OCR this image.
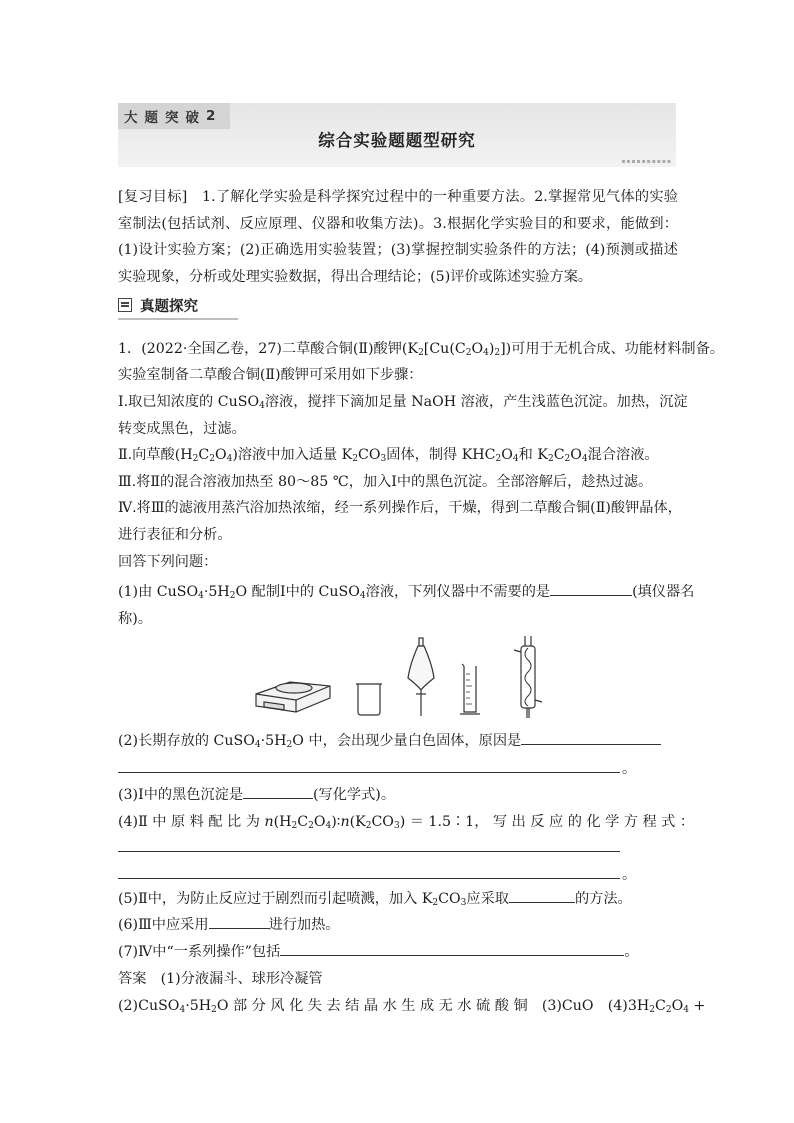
大 题 突 破 2
综合实验题题型研究
▪▪▪▪▪▪▪▪▪▪
[复习目标]　 1.了解化学实验是科学探究过程中的一种重要方法。2.掌握常见气体的实验室制法(包括试剂、反应原理、仪器和收集方法)。3.根据化学实验目的和要求，能做到：(1)设计实验方案；(2)正确选用实验装置；(3)掌握控制实验条件的方法；(4)预测或描述实验现象，分析或处理实验数据，得出合理结论；(5)评价或陈述实验方案。
真题探究
1．(2022·全国乙卷，27)二草酸合铜(Ⅱ)酸钾$(K_2[Cu(C_2O_4)_2])$可用于无机合成、功能材料制备。
实验室制备二草酸合铜(Ⅱ)酸钾可采用如下步骤：
Ⅰ.取已知浓度的 CuSO$_4$溶液，搅拌下滴加足量 NaOH 溶液，产生浅蓝色沉淀。加热，沉淀
转变成黑色，过滤。
Ⅱ.向草酸$(H_2C_2O_4)$溶液中加入适量 $K_2CO_3$固体，制得 $KHC_2O_4$和 $K_2C_2O_4$混合溶液。
Ⅲ.将Ⅱ的混合溶液加热至 80～85 ℃，加入Ⅰ中的黑色沉淀。全部溶解后，趁热过滤。
Ⅳ.将Ⅲ的滤液用蒸汽浴加热浓缩，经一系列操作后，干燥，得到二草酸合铜(Ⅱ)酸钾晶体，
进行表征和分析。
回答下列问题：
(1)由 $CuSO_4\cdot 5H_2O$ 配制Ⅰ中的 CuSO$_4$溶液，下列仪器中不需要的是	(填仪器名
称)。
(2)长期存放的 $CuSO_4\cdot 5H_2O$ 中，会出现少量白色固体，原因是
。
(3)Ⅰ中的黑色沉淀是	(写化学式)。
(4)Ⅱ 中 原 料 配 比 为 $n(H_2C_2O_4)∶n(K_2CO_3)$ ＝ 1.5∶1， 写 出 反 应 的 化 学 方 程 式 ：
。
(5)Ⅱ中，为防止反应过于剧烈而引起喷溅，加入 $K_2CO_3$应采取	的方法。
(6)Ⅲ中应采用	进行加热。
(7)Ⅳ中“一系列操作”包括	。
答案　 (1)分液漏斗、球形冷凝管
$(2)CuSO_4\cdot 5H_2O$ 部 分 风 化 失 去 结 晶 水 生 成 无 水 硫 酸 铜　(3)CuO　$(4)3H_2C_2O_4$ +
